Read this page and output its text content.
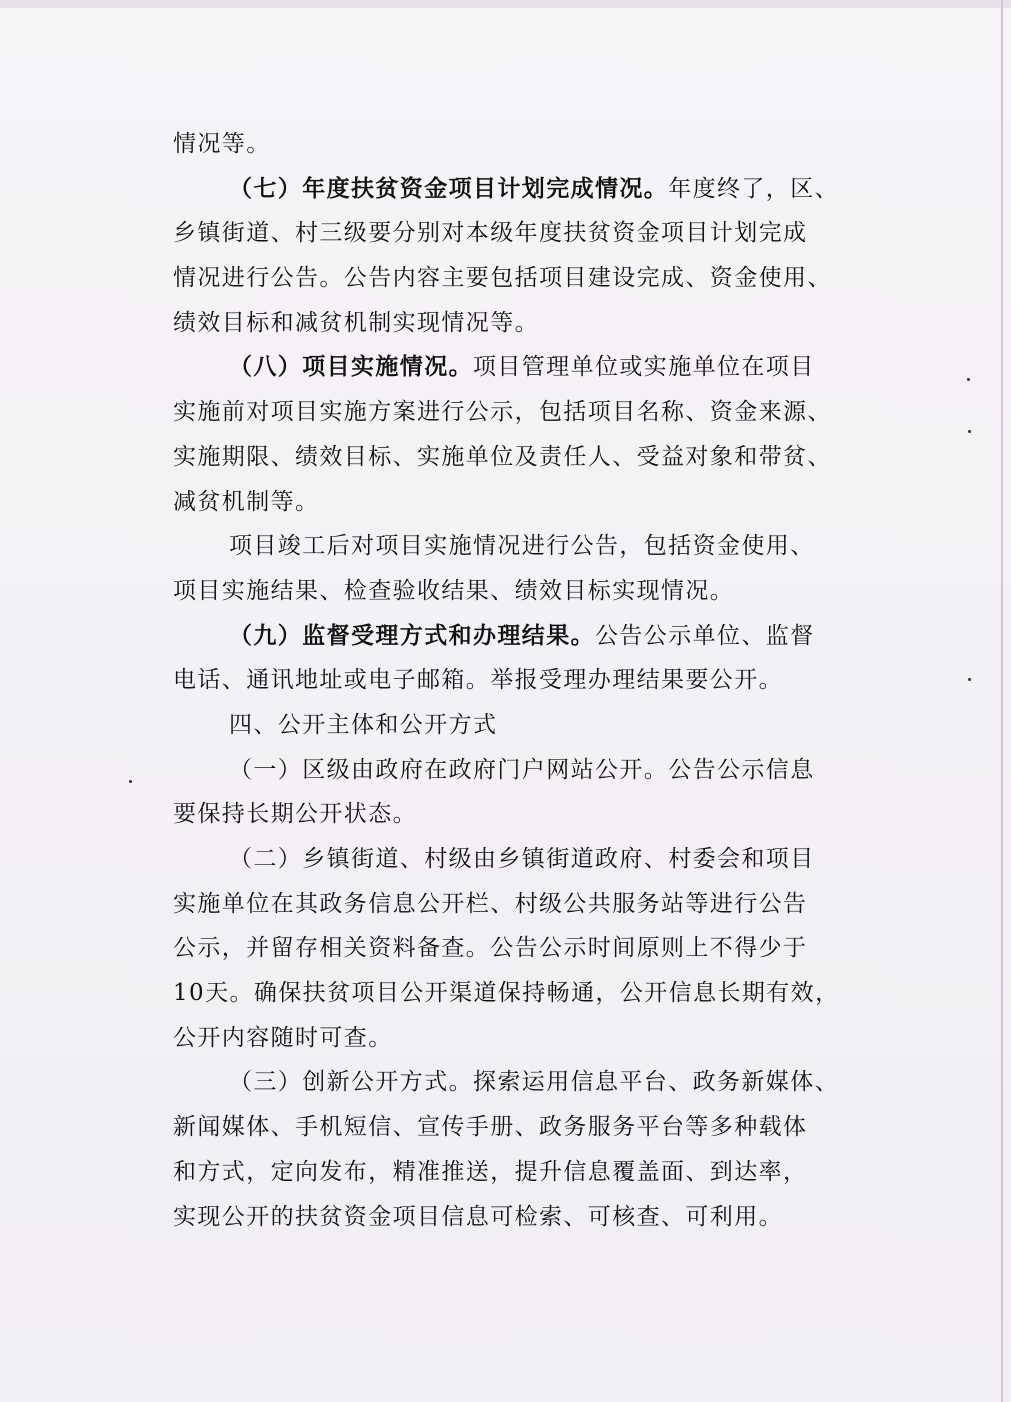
情况等。
（七）年度扶贫资金项目计划完成情况。年度终了，区、
乡镇街道、村三级要分别对本级年度扶贫资金项目计划完成
情况进行公告。公告内容主要包括项目建设完成、资金使用、
绩效目标和减贫机制实现情况等。
（八）项目实施情况。项目管理单位或实施单位在项目
实施前对项目实施方案进行公示，包括项目名称、资金来源、
实施期限、绩效目标、实施单位及责任人、受益对象和带贫、
减贫机制等。
项目竣工后对项目实施情况进行公告，包括资金使用、
项目实施结果、检查验收结果、绩效目标实现情况。
（九）监督受理方式和办理结果。公告公示单位、监督
电话、通讯地址或电子邮箱。举报受理办理结果要公开。
四、公开主体和公开方式
（一）区级由政府在政府门户网站公开。公告公示信息
要保持长期公开状态。
（二）乡镇街道、村级由乡镇街道政府、村委会和项目
实施单位在其政务信息公开栏、村级公共服务站等进行公告
公示，并留存相关资料备查。公告公示时间原则上不得少于
10天。确保扶贫项目公开渠道保持畅通，公开信息长期有效，
公开内容随时可查。
（三）创新公开方式。探索运用信息平台、政务新媒体、
新闻媒体、手机短信、宣传手册、政务服务平台等多种载体
和方式，定向发布，精准推送，提升信息覆盖面、到达率，
实现公开的扶贫资金项目信息可检索、可核查、可利用。
